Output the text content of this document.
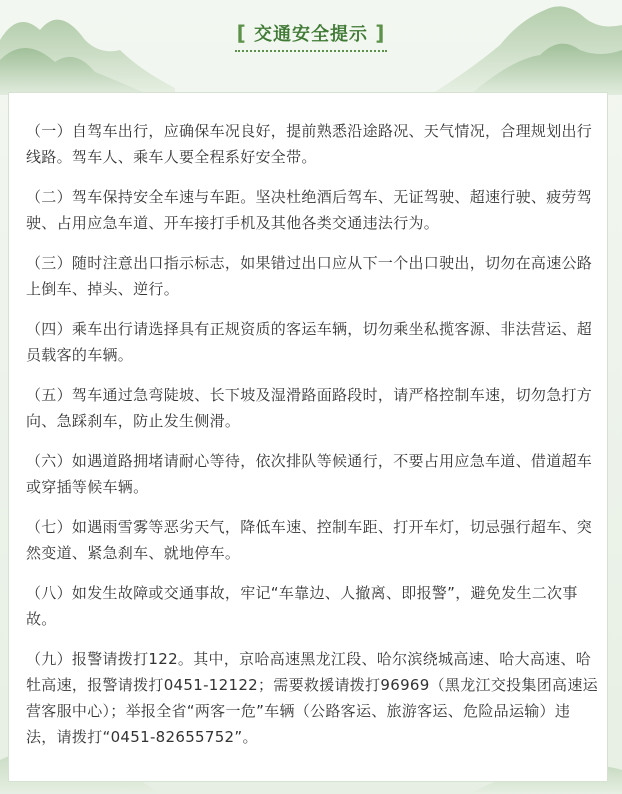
[ 交通安全提示 ]

（一）自驾车出行，应确保车况良好，提前熟悉沿途路况、天气情况，合理规划出行线路。驾车人、乘车人要全程系好安全带。

（二）驾车保持安全车速与车距。坚决杜绝酒后驾车、无证驾驶、超速行驶、疲劳驾驶、占用应急车道、开车接打手机及其他各类交通违法行为。

（三）随时注意出口指示标志，如果错过出口应从下一个出口驶出，切勿在高速公路上倒车、掉头、逆行。

（四）乘车出行请选择具有正规资质的客运车辆，切勿乘坐私揽客源、非法营运、超员载客的车辆。

（五）驾车通过急弯陡坡、长下坡及湿滑路面路段时，请严格控制车速，切勿急打方向、急踩刹车，防止发生侧滑。

（六）如遇道路拥堵请耐心等待，依次排队等候通行，不要占用应急车道、借道超车或穿插等候车辆。

（七）如遇雨雪雾等恶劣天气，降低车速、控制车距、打开车灯，切忌强行超车、突然变道、紧急刹车、就地停车。

（八）如发生故障或交通事故，牢记“车靠边、人撤离、即报警”，避免发生二次事故。

（九）报警请拨打122。其中，京哈高速黑龙江段、哈尔滨绕城高速、哈大高速、哈牡高速，报警请拨打0451-12122；需要救援请拨打96969（黑龙江交投集团高速运营客服中心）；举报全省“两客一危”车辆（公路客运、旅游客运、危险品运输）违法，请拨打“0451-82655752”。
